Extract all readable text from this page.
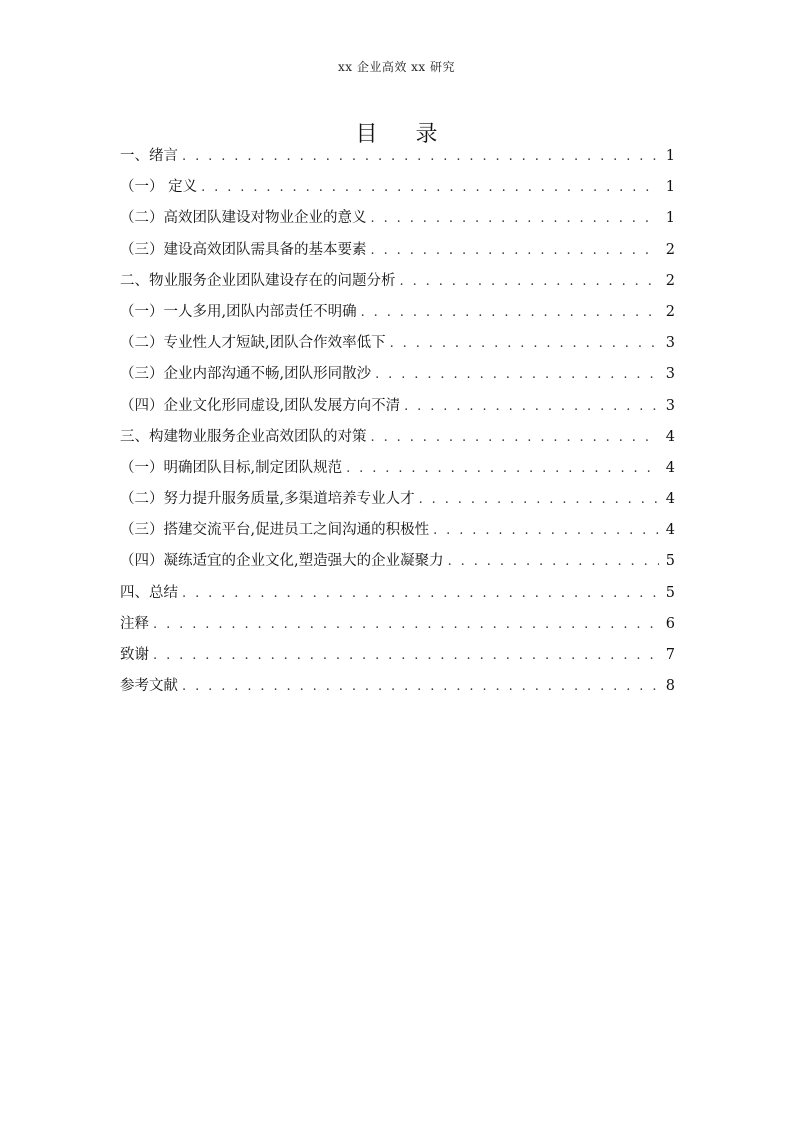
xx 企业高效 xx 研究
目录
一、绪言 . . .	1
（一） 定义 . . .	1
（二）高效团队建设对物业企业的意义 . . .	1
（三）建设高效团队需具备的基本要素 . . .	2
二、物业服务企业团队建设存在的问题分析 . . .	2
（一）一人多用,团队内部责任不明确 . . .	2
（二）专业性人才短缺,团队合作效率低下 . . .	3
（三）企业内部沟通不畅,团队形同散沙 . . .	3
（四）企业文化形同虚设,团队发展方向不清 . . .	3
三、构建物业服务企业高效团队的对策 . . .	4
（一）明确团队目标,制定团队规范 . . .	4
（二）努力提升服务质量,多渠道培养专业人才 . . .	4
（三）搭建交流平台,促进员工之间沟通的积极性 . . .	4
（四）凝练适宜的企业文化,塑造强大的企业凝聚力 . . .	5
四、总结 . . .	5
注释 . . .	6
致谢 . . .	7
参考文献 . . .	8
